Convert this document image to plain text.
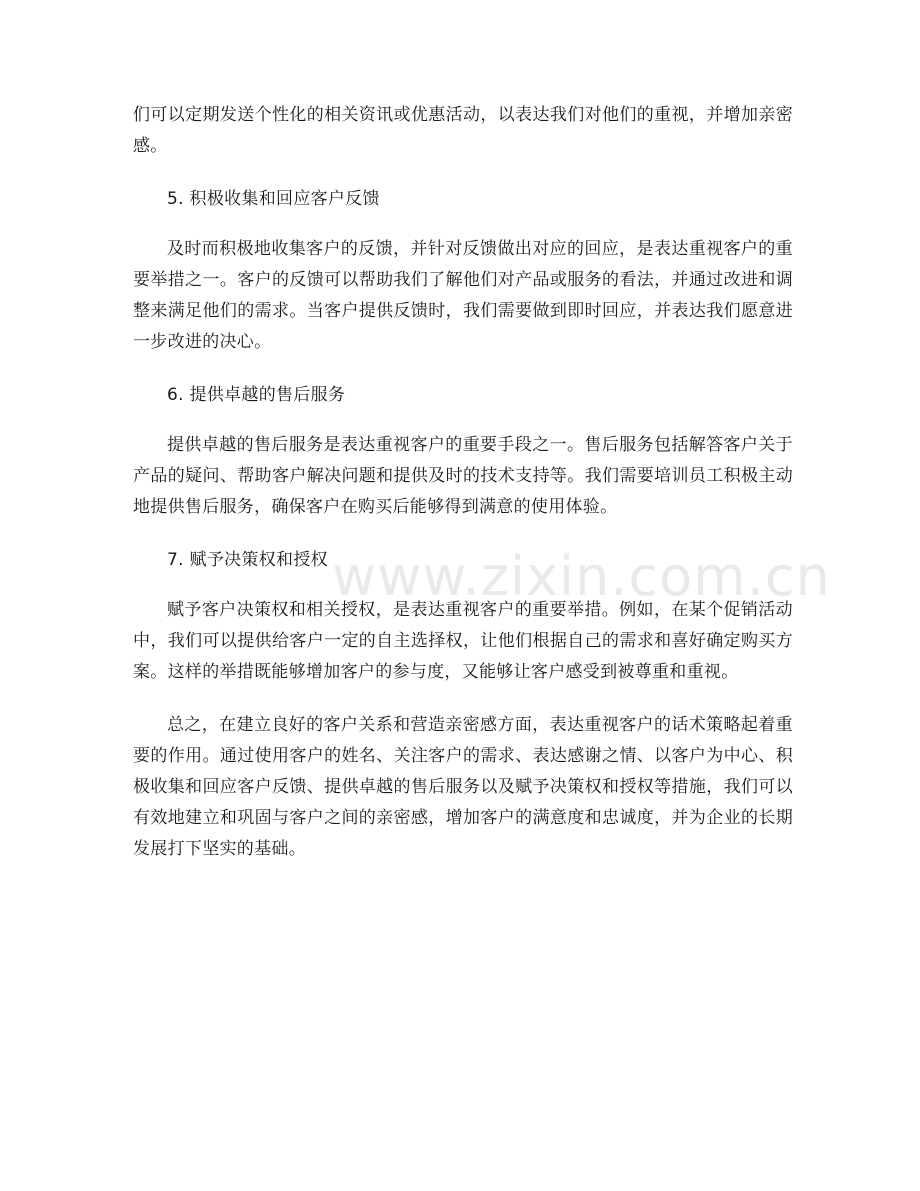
们可以定期发送个性化的相关资讯或优惠活动，以表达我们对他们的重视，并增加亲密感。

5. 积极收集和回应客户反馈

及时而积极地收集客户的反馈，并针对反馈做出对应的回应，是表达重视客户的重要举措之一。客户的反馈可以帮助我们了解他们对产品或服务的看法，并通过改进和调整来满足他们的需求。当客户提供反馈时，我们需要做到即时回应，并表达我们愿意进一步改进的决心。

6. 提供卓越的售后服务

提供卓越的售后服务是表达重视客户的重要手段之一。售后服务包括解答客户关于产品的疑问、帮助客户解决问题和提供及时的技术支持等。我们需要培训员工积极主动地提供售后服务，确保客户在购买后能够得到满意的使用体验。

7. 赋予决策权和授权

赋予客户决策权和相关授权，是表达重视客户的重要举措。例如，在某个促销活动中，我们可以提供给客户一定的自主选择权，让他们根据自己的需求和喜好确定购买方案。这样的举措既能够增加客户的参与度，又能够让客户感受到被尊重和重视。

总之，在建立良好的客户关系和营造亲密感方面，表达重视客户的话术策略起着重要的作用。通过使用客户的姓名、关注客户的需求、表达感谢之情、以客户为中心、积极收集和回应客户反馈、提供卓越的售后服务以及赋予决策权和授权等措施，我们可以有效地建立和巩固与客户之间的亲密感，增加客户的满意度和忠诚度，并为企业的长期发展打下坚实的基础。

www.zixin.com.cn
